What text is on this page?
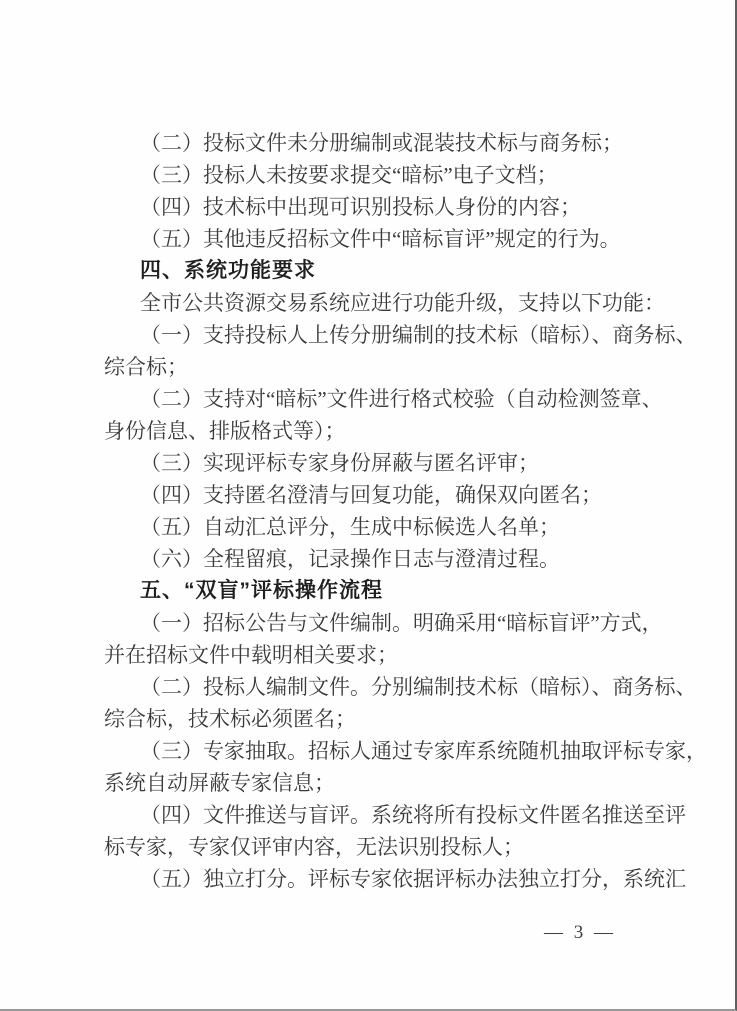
（二）投标文件未分册编制或混装技术标与商务标；
（三）投标人未按要求提交“暗标”电子文档；
（四）技术标中出现可识别投标人身份的内容；
（五）其他违反招标文件中“暗标盲评”规定的行为。
四、系统功能要求
全市公共资源交易系统应进行功能升级，支持以下功能：
（一）支持投标人上传分册编制的技术标（暗标）、商务标、
综合标；
（二）支持对“暗标”文件进行格式校验（自动检测签章、
身份信息、排版格式等）；
（三）实现评标专家身份屏蔽与匿名评审；
（四）支持匿名澄清与回复功能，确保双向匿名；
（五）自动汇总评分，生成中标候选人名单；
（六）全程留痕，记录操作日志与澄清过程。
五、“双盲”评标操作流程
（一）招标公告与文件编制。明确采用“暗标盲评”方式，
并在招标文件中载明相关要求；
（二）投标人编制文件。分别编制技术标（暗标）、商务标、
综合标，技术标必须匿名；
（三）专家抽取。招标人通过专家库系统随机抽取评标专家，
系统自动屏蔽专家信息；
（四）文件推送与盲评。系统将所有投标文件匿名推送至评
标专家，专家仅评审内容，无法识别投标人；
（五）独立打分。评标专家依据评标办法独立打分，系统汇
— 3 —
